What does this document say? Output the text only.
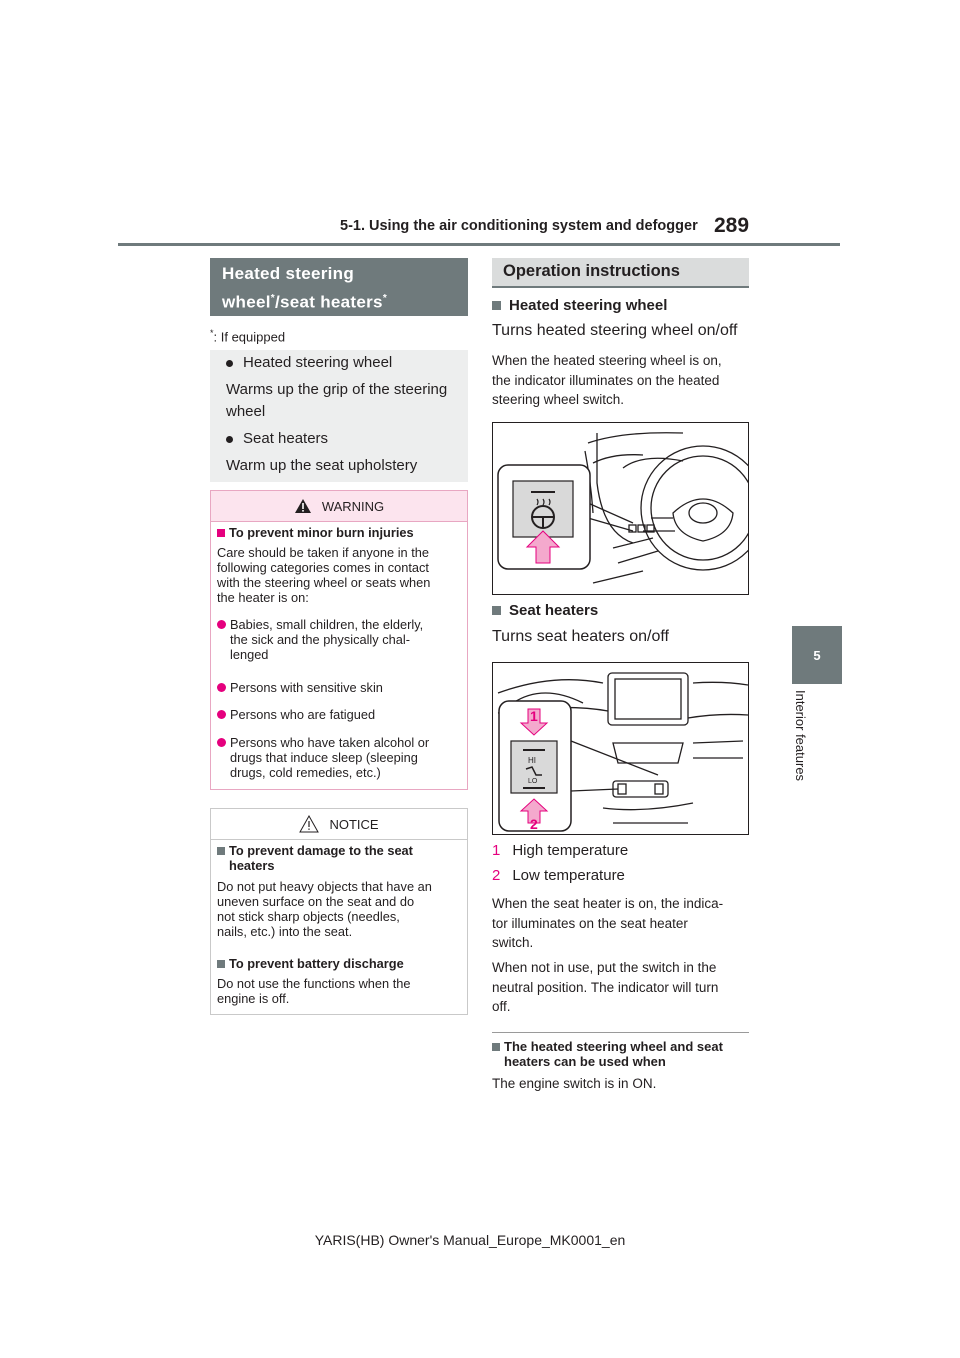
5-1. Using the air conditioning system and defogger 289
5
Interior features
Heated steering
wheel*/seat heaters*
*: If equipped
Heated steering wheel
Warms up the grip of the steering
wheel
Seat heaters
Warm up the seat upholstery
WARNING
To prevent minor burn injuries
Care should be taken if anyone in the
following categories comes in contact
with the steering wheel or seats when
the heater is on:
Babies, small children, the elderly,
the sick and the physically chal-
lenged
Persons with sensitive skin
Persons who are fatigued
Persons who have taken alcohol or
drugs that induce sleep (sleeping
drugs, cold remedies, etc.)
NOTICE
To prevent damage to the seat
heaters
Do not put heavy objects that have an
uneven surface on the seat and do
not stick sharp objects (needles,
nails, etc.) into the seat.
To prevent battery discharge
Do not use the functions when the
engine is off.
Operation instructions
Heated steering wheel
Turns heated steering wheel on/off
When the heated steering wheel is on,
the indicator illuminates on the heated
steering wheel switch.
Seat heaters
Turns seat heaters on/off
HI
LO
1
2
1 High temperature
2 Low temperature
When the seat heater is on, the indica-
tor illuminates on the seat heater
switch.
When not in use, put the switch in the
neutral position. The indicator will turn
off.
The heated steering wheel and seat
heaters can be used when
The engine switch is in ON.
YARIS(HB) Owner's Manual_Europe_MK0001_en
